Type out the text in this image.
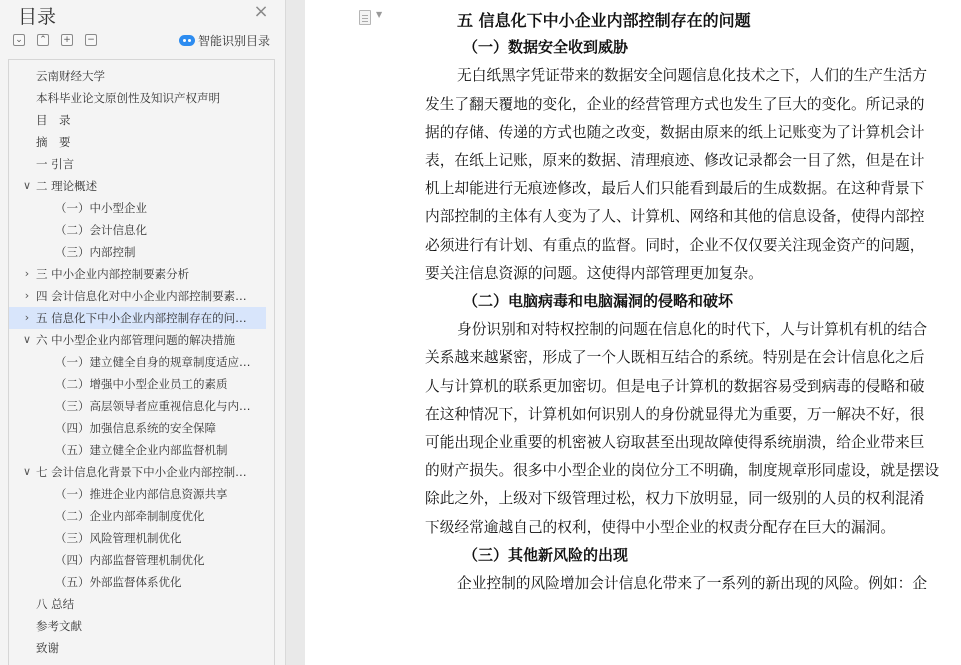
目录	×
⌄ ⌃ + −	智能识别目录
云南财经大学
本科毕业论文原创性及知识产权声明
目　录
摘　要
一 引言
∨ 二 理论概述
（一）中小型企业
（二）会计信息化
（三）内部控制
› 三 中小企业内部控制要素分析
› 四 会计信息化对中小企业内部控制要素…
› 五 信息化下中小企业内部控制存在的问…
∨ 六 中小型企业内部管理问题的解决措施
（一）建立健全自身的规章制度适应…
（二）增强中小型企业员工的素质
（三）高层领导者应重视信息化与内…
（四）加强信息系统的安全保障
（五）建立健全企业内部监督机制
∨ 七 会计信息化背景下中小企业内部控制…
（一）推进企业内部信息资源共享
（二）企业内部牵制制度优化
（三）风险管理机制优化
（四）内部监督管理机制优化
（五）外部监督体系优化
八 总结
参考文献
致谢
▼	五 信息化下中小企业内部控制存在的问题
（一）数据安全收到威胁
无白纸黑字凭证带来的数据安全问题信息化技术之下，人们的生产生活方
发生了翻天覆地的变化，企业的经营管理方式也发生了巨大的变化。所记录的
据的存储、传递的方式也随之改变，数据由原来的纸上记账变为了计算机会计
表，在纸上记账，原来的数据、清理痕迹、修改记录都会一目了然，但是在计
机上却能进行无痕迹修改，最后人们只能看到最后的生成数据。在这种背景下
内部控制的主体有人变为了人、计算机、网络和其他的信息设备，使得内部控
必须进行有计划、有重点的监督。同时，企业不仅仅要关注现金资产的问题，
要关注信息资源的问题。这使得内部管理更加复杂。
（二）电脑病毒和电脑漏洞的侵略和破坏
身份识别和对特权控制的问题在信息化的时代下，人与计算机有机的结合
关系越来越紧密，形成了一个人既相互结合的系统。特别是在会计信息化之后
人与计算机的联系更加密切。但是电子计算机的数据容易受到病毒的侵略和破
在这种情况下，计算机如何识别人的身份就显得尤为重要，万一解决不好，很
可能出现企业重要的机密被人窃取甚至出现故障使得系统崩溃，给企业带来巨
的财产损失。很多中小型企业的岗位分工不明确，制度规章形同虚设，就是摆设
除此之外，上级对下级管理过松，权力下放明显，同一级别的人员的权利混淆
下级经常逾越自己的权利，使得中小型企业的权责分配存在巨大的漏洞。
（三）其他新风险的出现
企业控制的风险增加会计信息化带来了一系列的新出现的风险。例如：企
